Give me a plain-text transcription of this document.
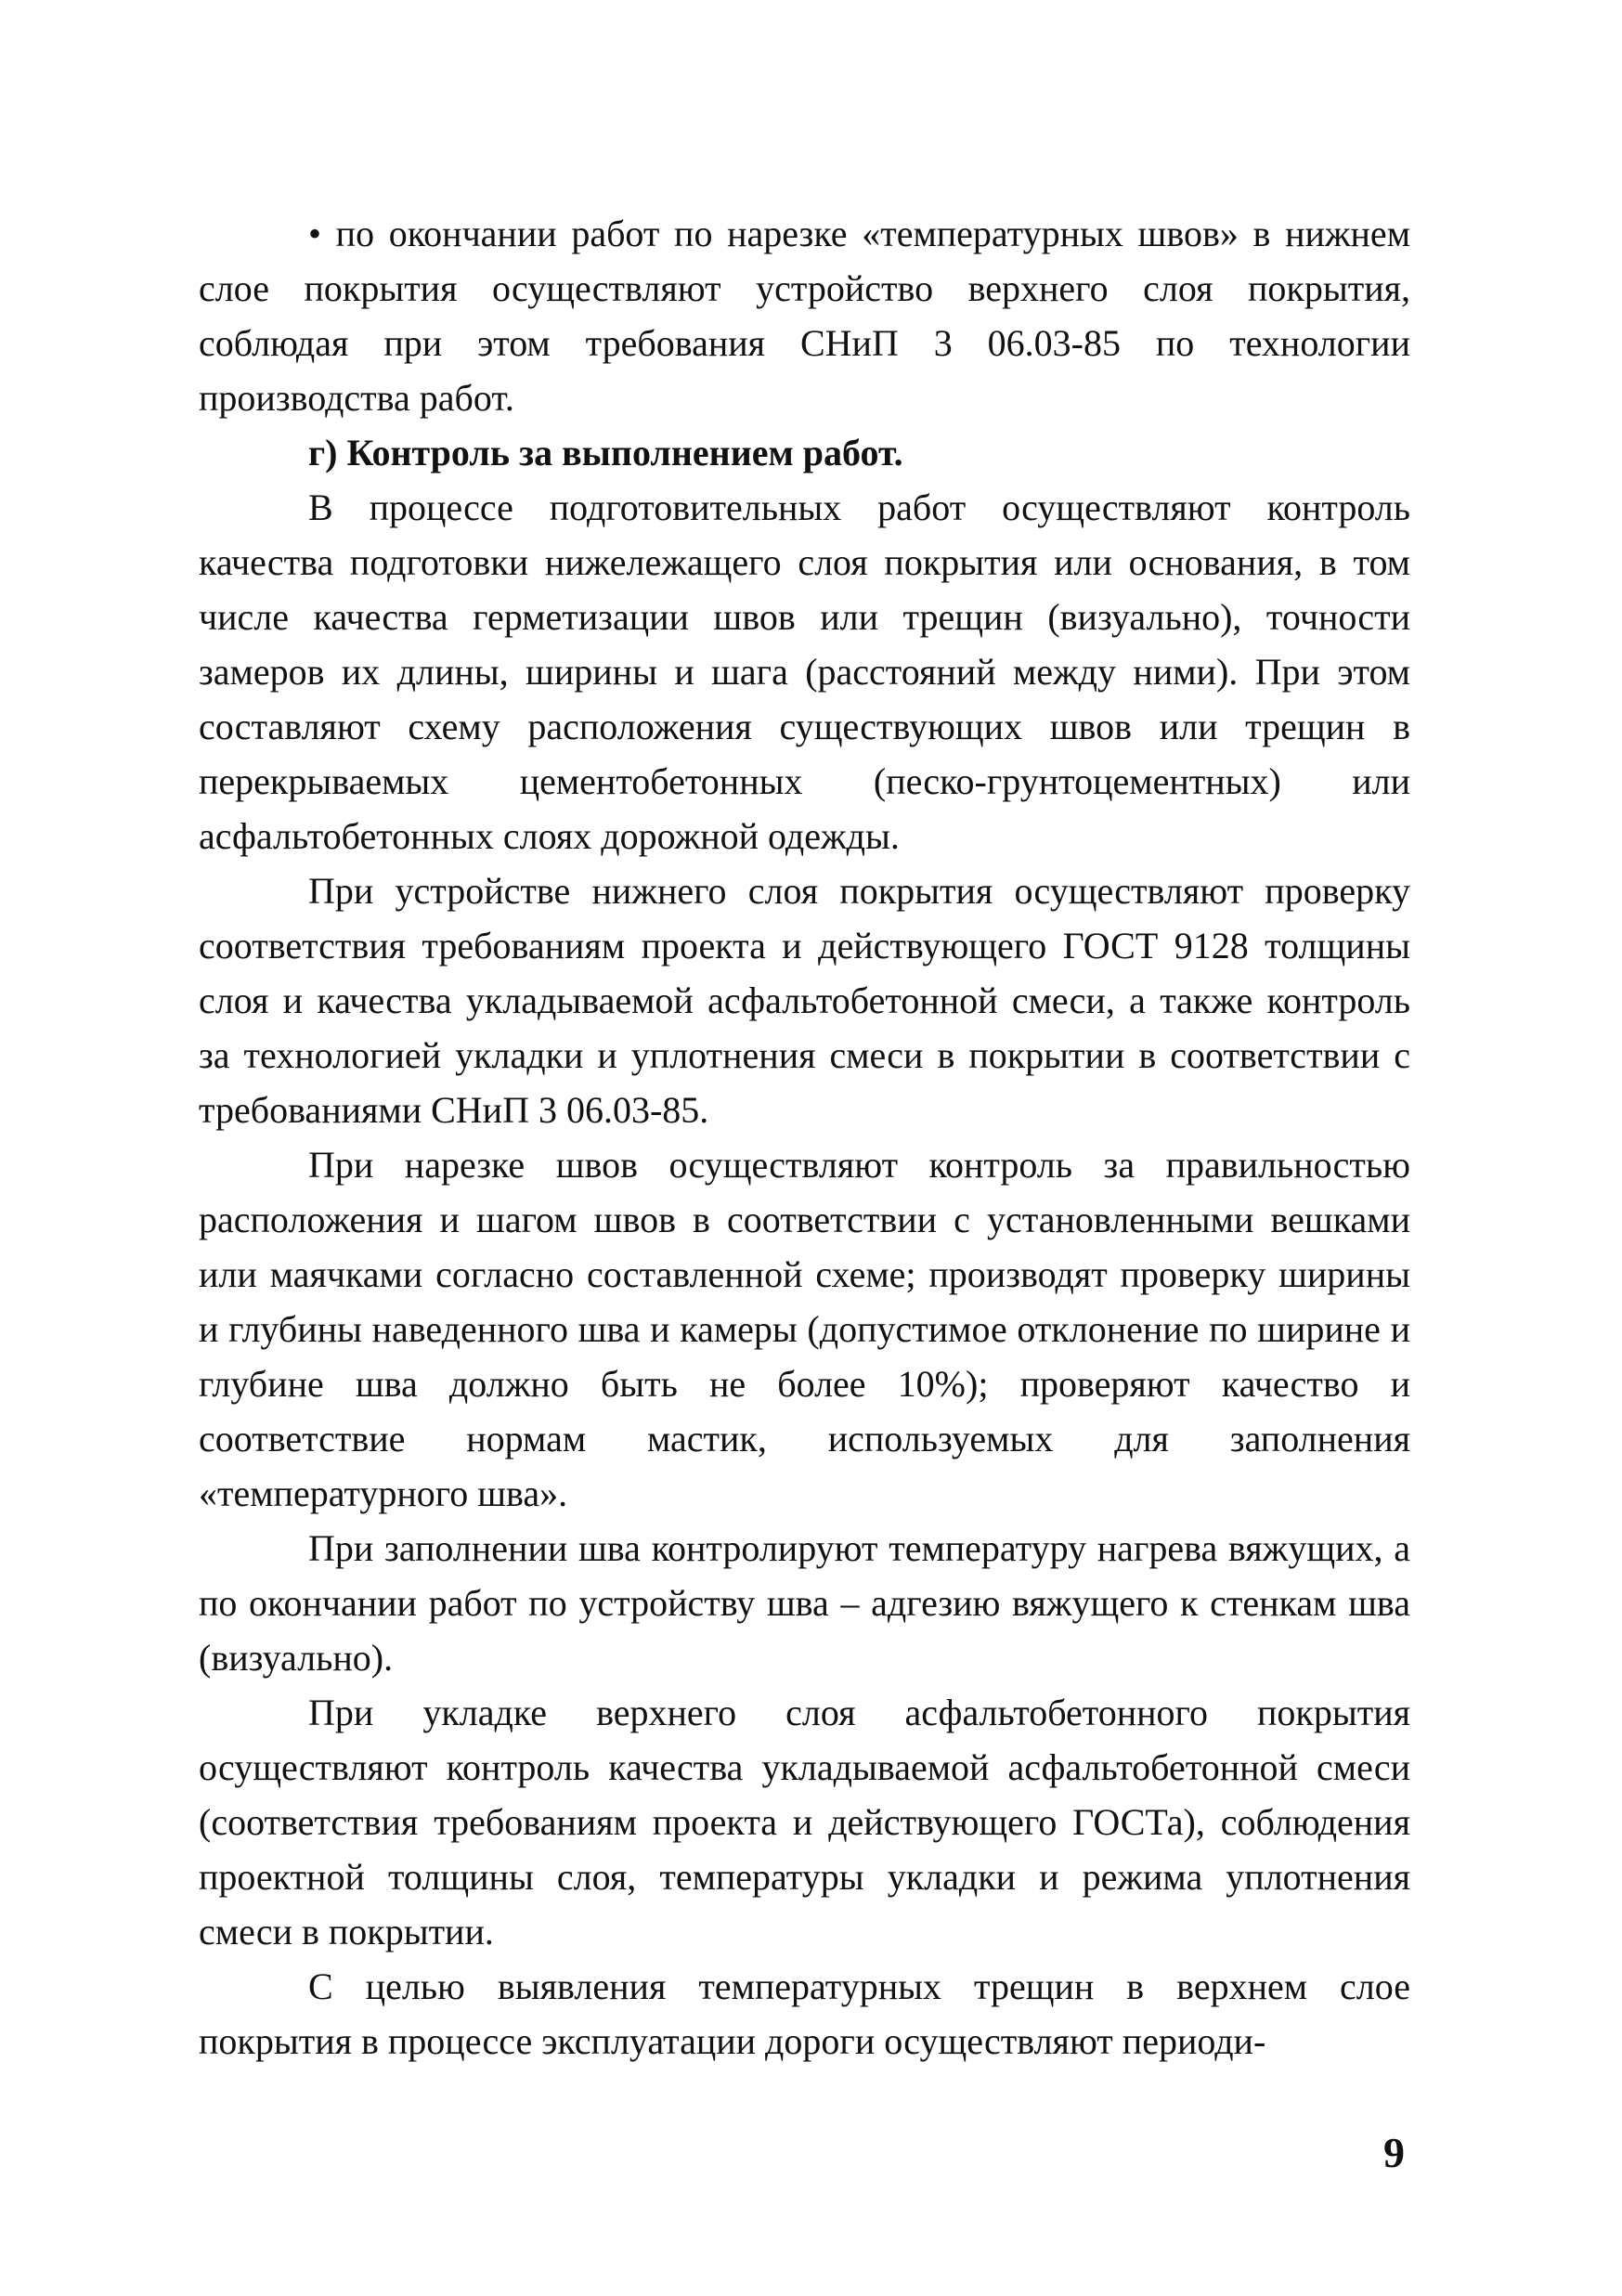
• по окончании работ по нарезке «температурных швов» в нижнем слое покрытия осуществляют устройство верхнего слоя покрытия, соблюдая при этом требования СНиП 3 06.03-85 по технологии производства работ.

г) Контроль за выполнением работ.

В процессе подготовительных работ осуществляют контроль качества подготовки нижележащего слоя покрытия или основания, в том числе качества герметизации швов или трещин (визуально), точности замеров их длины, ширины и шага (расстояний между ними). При этом составляют схему расположения существующих швов или трещин в перекрываемых цементобетонных (песко-грунтоцементных) или асфальтобетонных слоях дорожной одежды.

При устройстве нижнего слоя покрытия осуществляют проверку соответствия требованиям проекта и действующего ГОСТ 9128 толщины слоя и качества укладываемой асфальтобетонной смеси, а также контроль за технологией укладки и уплотнения смеси в покрытии в соответствии с требованиями СНиП 3 06.03-85.

При нарезке швов осуществляют контроль за правильностью расположения и шагом швов в соответствии с установленными вешками или маячками согласно составленной схеме; производят проверку ширины и глубины наведенного шва и камеры (допустимое отклонение по ширине и глубине шва должно быть не более 10%); проверяют качество и соответствие нормам мастик, используемых для заполнения «температурного шва».

При заполнении шва контролируют температуру нагрева вяжущих, а по окончании работ по устройству шва – адгезию вяжущего к стенкам шва (визуально).

При укладке верхнего слоя асфальтобетонного покрытия осуществляют контроль качества укладываемой асфальтобетонной смеси (соответствия требованиям проекта и действующего ГОСТа), соблюдения проектной толщины слоя, температуры укладки и режима уплотнения смеси в покрытии.

С целью выявления температурных трещин в верхнем слое покрытия в процессе эксплуатации дороги осуществляют периоди-

9
